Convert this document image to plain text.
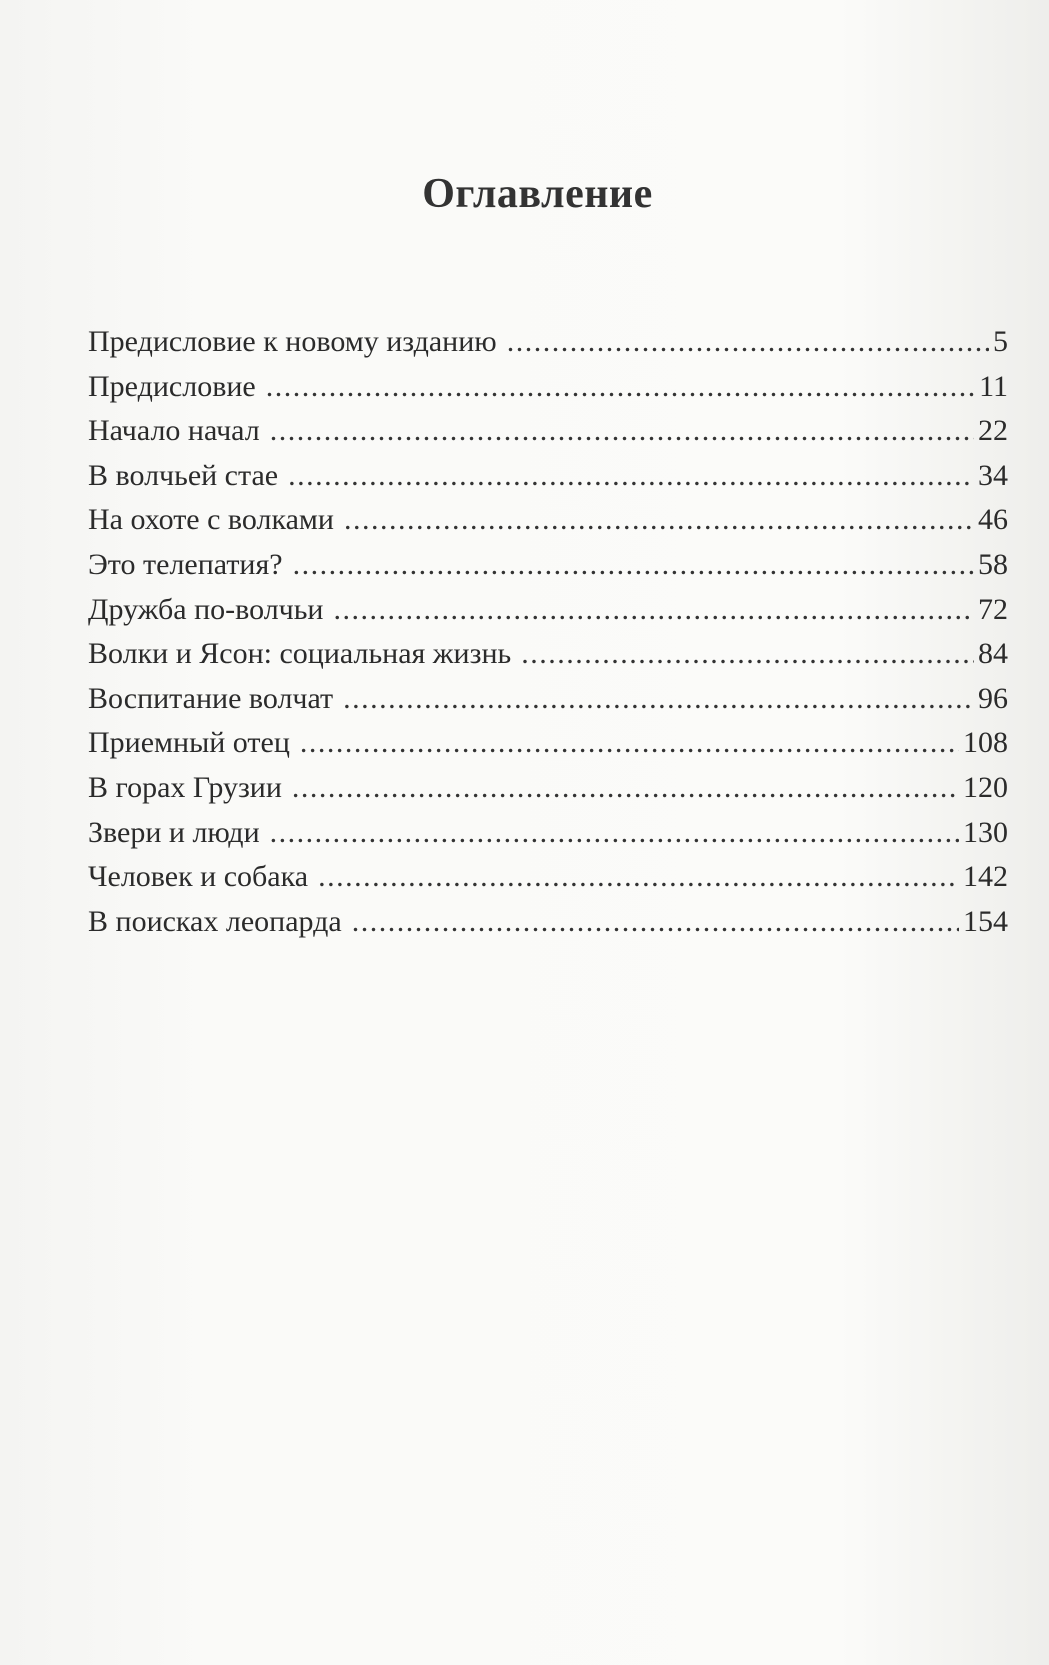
Оглавление
Предисловие к новому изданию .....	5
Предисловие .....	11
Начало начал .....	22
В волчьей стае .....	34
На охоте с волками .....	46
Это телепатия? .....	58
Дружба по-волчьи .....	72
Волки и Ясон: социальная жизнь .....	84
Воспитание волчат .....	96
Приемный отец .....	108
В горах Грузии .....	120
Звери и люди .....	130
Человек и собака .....	142
В поисках леопарда .....	154
